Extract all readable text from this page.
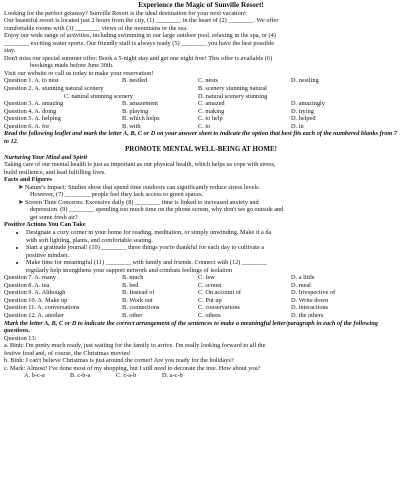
Experience the Magic of Sunville Resort!

Looking for the perfect getaway? Sunville Resort is the ideal destination for your next vacation!

Our beautiful resort is located just 2 hours from the city, (1) ________ in the heart of (2) ________. We offer

comfortable rooms with (3) ________ views of the mountains or the sea.

Enjoy our wide range of activities, including swimming in our large outdoor pool, relaxing in the spa, or (4)

________ exciting water sports. Our friendly staff is always ready (5) ________ you have the best possible

stay.

Don't miss our special summer offer: Book a 5-night stay and get one night free! This offer is available (6)

bookings made before June 30th.

Visit our website or call us today to make your reservation!

Question 1. A. to nest	B. nestled	C. nests	D. nestling
Question 2. A. stunning natural scenery	B. scenery stunning natural
C. natural stunning scenery	D. natural scenery stunning
Question 3. A. amazing	B. amazement	C. amazed	D. amazingly
Question 4. A. doing	B. playing	C. making	D. trying
Question 5. A. helping	B. which helps	C. to help	D. helped
Question 6. A. for	B. with	C. to	D. in

Read the following leaflet and mark the letter A, B, C or D on your answer sheet to indicate the option that best fits each of the numbered blanks from 7 to 12.

PROMOTE MENTAL WELL-BEING AT HOME!

Nurturing Your Mind and Spirit

Taking care of our mental health is just as important as our physical health, which helps us cope with stress,

build resilience, and lead fulfilling lives.

Facts and Figures

➤ Nature's Impact: Studies show that spend time outdoors can significantly reduce stress levels.

However, (7) ________ people feel they lack access to green spaces.

➤ Screen Time Concerns: Excessive daily (8) ________ time is linked to increased anxiety and

depression. (9) ________ spending too much time on the phone screen, why don't we go outside and

get some fresh air?

Positive Actions You Can Take

• Designate a cozy corner in your home for reading, meditation, or simply unwinding. Make it a da
with soft lighting, plants, and comfortable seating.
• Start a gratitude journal! (10) ________ three things you're thankful for each day to cultivate a
positive mindset.
• Make time for meaningful (11) ________ with family and friends. Connect with (12) ________
regularly help strengthens your support network and combats feelings of isolation
Question 7. A. many	B. much	C. few	D. a little
Question 8. A. tea	B. bed	C. screen	D. meal
Question 9. A. Although	B. Instead of	C. On account of	D. Irrespective of
Question 10. A. Make up	B. Work out	C. Put up	D. Write down
Question 11. A. conversations	B. connections	C. conservations	D. interactions
Question 12. A. another	B. other	C. others	D. the others

Mark the letter A, B, C or D to indicate the correct arrangement of the sentences to make a meaningful letter/paragraph in each of the following questions.

Question 13:

a. Binh: I'm pretty much ready, just waiting for the family to arrive. I'm really looking forward to all the

festive food and, of course, the Christmas movies!

b. Binh: I can't believe Christmas is just around the corner! Are you ready for the holidays?

c. Mark: Almost! I've done most of my shopping, but I still need to decorate the tree. How about you?

A. b-c-a	B. c-b-a	C. c-a-b	D. a-c-b
